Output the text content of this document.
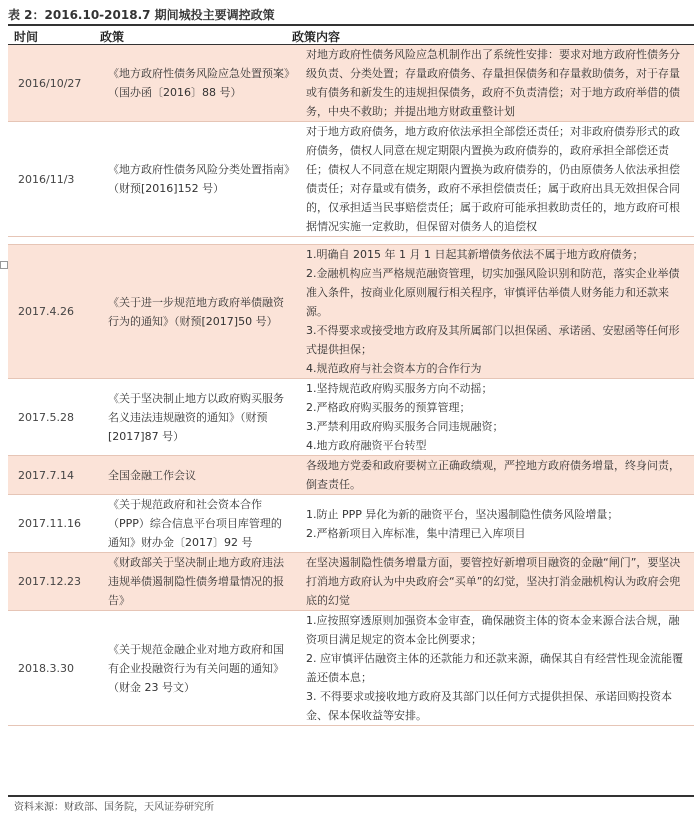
表 2：2016.10-2018.7 期间城投主要调控政策
时间	政策	政策内容
2016/10/27	《地方政府性债务风险应急处置预案》（国办函〔2016〕88 号）	对地方政府性债务风险应急机制作出了系统性安排：要求对地方政府性债务分级负责、分类处置；存量政府债务、存量担保债务和存量救助债务，对于存量或有债务和新发生的违规担保债务，政府不负责清偿；对于地方政府举借的债务，中央不救助；并提出地方财政重整计划

2016/11/3	《地方政府性债务风险分类处置指南》（财预[2016]152 号）	对于地方政府债务，地方政府依法承担全部偿还责任；对非政府债券形式的政府债务，债权人同意在规定期限内置换为政府债券的，政府承担全部偿还责任；债权人不同意在规定期限内置换为政府债券的，仍由原债务人依法承担偿债责任；对存量或有债务，政府不承担偿债责任；属于政府出具无效担保合同的，仅承担适当民事赔偿责任；属于政府可能承担救助责任的，地方政府可根据情况实施一定救助，但保留对债务人的追偿权

2017.4.26	《关于进一步规范地方政府举债融资行为的通知》（财预[2017]50 号）	1.明确自 2015 年 1 月 1 日起其新增债务依法不属于地方政府债务；
2.金融机构应当严格规范融资管理，切实加强风险识别和防范，落实企业举债准入条件，按商业化原则履行相关程序，审慎评估举债人财务能力和还款来源。
3.不得要求或接受地方政府及其所属部门以担保函、承诺函、安慰函等任何形式提供担保；
4.规范政府与社会资本方的合作行为

2017.5.28	《关于坚决制止地方以政府购买服务名义违法违规融资的通知》（财预[2017]87 号）	1.坚持规范政府购买服务方向不动摇；
2.严格政府购买服务的预算管理；
3.严禁利用政府购买服务合同违规融资；
4.地方政府融资平台转型

2017.7.14	全国金融工作会议	各级地方党委和政府要树立正确政绩观，严控地方政府债务增量，终身问责，倒查责任。

2017.11.16	《关于规范政府和社会资本合作（PPP）综合信息平台项目库管理的通知》财办金〔2017〕92 号	1.防止 PPP 异化为新的融资平台，坚决遏制隐性债务风险增量；
2.严格新项目入库标准，集中清理已入库项目

2017.12.23	《财政部关于坚决制止地方政府违法违规举债遏制隐性债务增量情况的报告》	在坚决遏制隐性债务增量方面，要管控好新增项目融资的金融“闸门”，要坚决打消地方政府认为中央政府会“买单”的幻觉，坚决打消金融机构认为政府会兜底的幻觉

2018.3.30	《关于规范金融企业对地方政府和国有企业投融资行为有关问题的通知》（财金 23 号文）	1.应按照穿透原则加强资本金审查，确保融资主体的资本金来源合法合规，融资项目满足规定的资本金比例要求；
2. 应审慎评估融资主体的还款能力和还款来源，确保其自有经营性现金流能覆盖还债本息；
3. 不得要求或接收地方政府及其部门以任何方式提供担保、承诺回购投资本金、保本保收益等安排。
资料来源：财政部、国务院，天风证券研究所
